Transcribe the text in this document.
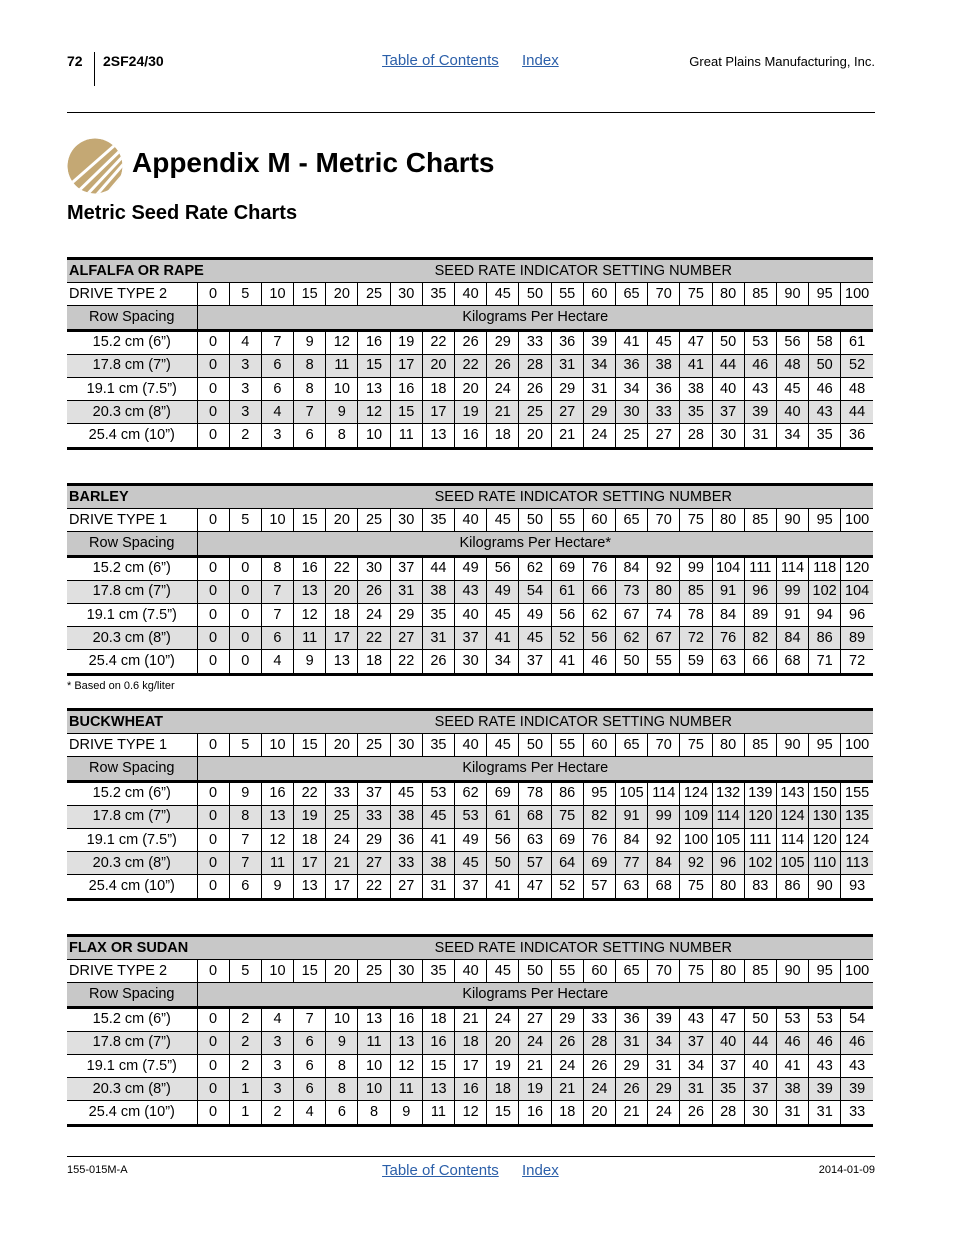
72 2SF24/30	Table of Contents Index	Great Plains Manufacturing, Inc.
Appendix M - Metric Charts
Metric Seed Rate Charts
ALFALFA OR RAPE				SEED RATE INDICATOR SETTING NUMBER																	
DRIVE TYPE 2	0	5	10	15	20	25	30	35	40	45	50	55	60	65	70	75	80	85	90	95	100
Row Spacing	Kilograms Per Hectare																				
15.2 cm (6”)	0	4	7	9	12	16	19	22	26	29	33	36	39	41	45	47	50	53	56	58	61
17.8 cm (7”)	0	3	6	8	11	15	17	20	22	26	28	31	34	36	38	41	44	46	48	50	52
19.1 cm (7.5”)	0	3	6	8	10	13	16	18	20	24	26	29	31	34	36	38	40	43	45	46	48
20.3 cm (8”)	0	3	4	7	9	12	15	17	19	21	25	27	29	30	33	35	37	39	40	43	44
25.4 cm (10”)	0	2	3	6	8	10	11	13	16	18	20	21	24	25	27	28	30	31	34	35	36
BARLEY				SEED RATE INDICATOR SETTING NUMBER																	
DRIVE TYPE 1	0	5	10	15	20	25	30	35	40	45	50	55	60	65	70	75	80	85	90	95	100
Row Spacing	Kilograms Per Hectare*																				
15.2 cm (6”)	0	0	8	16	22	30	37	44	49	56	62	69	76	84	92	99	104	111	114	118	120
17.8 cm (7”)	0	0	7	13	20	26	31	38	43	49	54	61	66	73	80	85	91	96	99	102	104
19.1 cm (7.5”)	0	0	7	12	18	24	29	35	40	45	49	56	62	67	74	78	84	89	91	94	96
20.3 cm (8”)	0	0	6	11	17	22	27	31	37	41	45	52	56	62	67	72	76	82	84	86	89
25.4 cm (10”)	0	0	4	9	13	18	22	26	30	34	37	41	46	50	55	59	63	66	68	71	72
* Based on 0.6 kg/liter
BUCKWHEAT				SEED RATE INDICATOR SETTING NUMBER																	
DRIVE TYPE 1	0	5	10	15	20	25	30	35	40	45	50	55	60	65	70	75	80	85	90	95	100
Row Spacing	Kilograms Per Hectare																				
15.2 cm (6”)	0	9	16	22	33	37	45	53	62	69	78	86	95	105	114	124	132	139	143	150	155
17.8 cm (7”)	0	8	13	19	25	33	38	45	53	61	68	75	82	91	99	109	114	120	124	130	135
19.1 cm (7.5”)	0	7	12	18	24	29	36	41	49	56	63	69	76	84	92	100	105	111	114	120	124
20.3 cm (8”)	0	7	11	17	21	27	33	38	45	50	57	64	69	77	84	92	96	102	105	110	113
25.4 cm (10”)	0	6	9	13	17	22	27	31	37	41	47	52	57	63	68	75	80	83	86	90	93
FLAX OR SUDAN				SEED RATE INDICATOR SETTING NUMBER																	
DRIVE TYPE 2	0	5	10	15	20	25	30	35	40	45	50	55	60	65	70	75	80	85	90	95	100
Row Spacing	Kilograms Per Hectare																				
15.2 cm (6”)	0	2	4	7	10	13	16	18	21	24	27	29	33	36	39	43	47	50	53	53	54
17.8 cm (7”)	0	2	3	6	9	11	13	16	18	20	24	26	28	31	34	37	40	44	46	46	46
19.1 cm (7.5”)	0	2	3	6	8	10	12	15	17	19	21	24	26	29	31	34	37	40	41	43	43
20.3 cm (8”)	0	1	3	6	8	10	11	13	16	18	19	21	24	26	29	31	35	37	38	39	39
25.4 cm (10”)	0	1	2	4	6	8	9	11	12	15	16	18	20	21	24	26	28	30	31	31	33
155-015M-A	Table of Contents Index	2014-01-09
